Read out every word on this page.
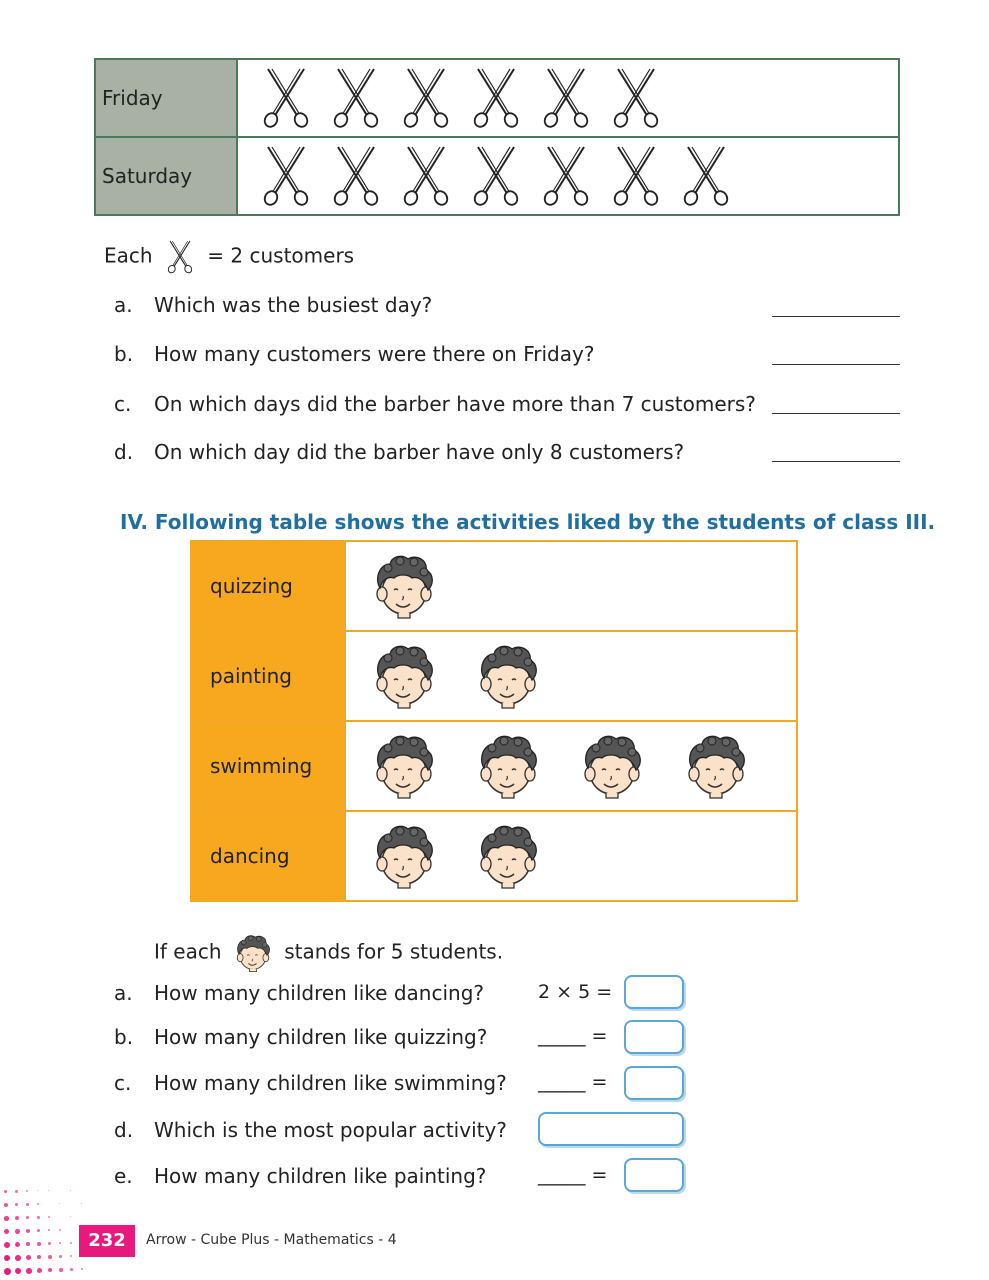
Friday	
Saturday	
Each	= 2 customers
a. Which was the busiest day?
b. How many customers were there on Friday?
c. On which days did the barber have more than 7 customers?
d. On which day did the barber have only 8 customers?
IV. Following table shows the activities liked by the students of class III.
quizzing	
painting	
swimming	
dancing	
If each	stands for 5 students.
a. How many children like dancing?	2 × 5 =
b. How many children like quizzing?	_____ =
c. How many children like swimming?	_____ =
d. Which is the most popular activity?
e. How many children like painting?	_____ =
232	Arrow - Cube Plus - Mathematics - 4
